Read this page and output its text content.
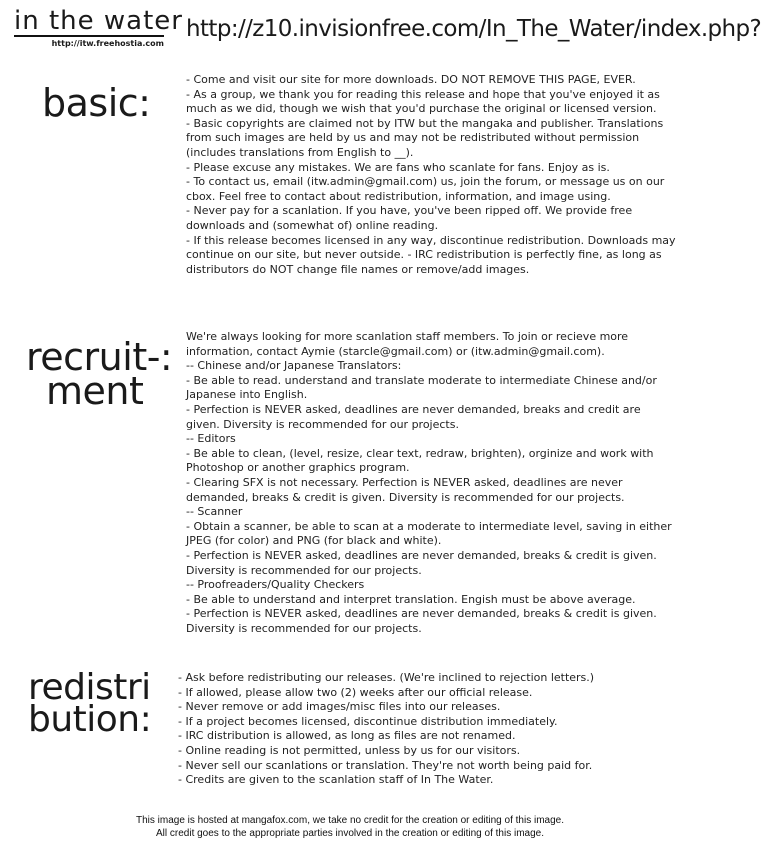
in the water
http://itw.freehostia.com
http://z10.invisionfree.com/In_The_Water/index.php?
basic:

- Come and visit our site for more downloads. DO NOT REMOVE THIS PAGE, EVER.

- As a group, we thank you for reading this release and hope that you've enjoyed it as much as we did, though we wish that you'd purchase the original or licensed version.

- Basic copyrights are claimed not by ITW but the mangaka and publisher. Translations from such images are held by us and may not be redistributed without permission (includes translations from English to __).

- Please excuse any mistakes. We are fans who scanlate for fans. Enjoy as is.

- To contact us, email (itw.admin@gmail.com) us, join the forum, or message us on our cbox. Feel free to contact about redistribution, information, and image using.

- Never pay for a scanlation. If you have, you've been ripped off. We provide free downloads and (somewhat of) online reading.

- If this release becomes licensed in any way, discontinue redistribution. Downloads may continue on our site, but never outside. - IRC redistribution is perfectly fine, as long as distributors do NOT change file names or remove/add images.

recruit-:
ment

We're always looking for more scanlation staff members. To join or recieve more information, contact Aymie (starcle@gmail.com) or (itw.admin@gmail.com).

-- Chinese and/or Japanese Translators:

- Be able to read. understand and translate moderate to intermediate Chinese and/or Japanese into English.

- Perfection is NEVER asked, deadlines are never demanded, breaks and credit are given. Diversity is recommended for our projects.

-- Editors

- Be able to clean, (level, resize, clear text, redraw, brighten), orginize and work with Photoshop or another graphics program.

- Clearing SFX is not necessary. Perfection is NEVER asked, deadlines are never demanded, breaks & credit is given. Diversity is recommended for our projects.

-- Scanner

- Obtain a scanner, be able to scan at a moderate to intermediate level, saving in either JPEG (for color) and PNG (for black and white).

- Perfection is NEVER asked, deadlines are never demanded, breaks & credit is given. Diversity is recommended for our projects.

-- Proofreaders/Quality Checkers

- Be able to understand and interpret translation. Engish must be above average.

- Perfection is NEVER asked, deadlines are never demanded, breaks & credit is given. Diversity is recommended for our projects.

redistri
bution:

- Ask before redistributing our releases. (We're inclined to rejection letters.)

- If allowed, please allow two (2) weeks after our official release.

- Never remove or add images/misc files into our releases.

- If a project becomes licensed, discontinue distribution immediately.

- IRC distribution is allowed, as long as files are not renamed.

- Online reading is not permitted, unless by us for our visitors.

- Never sell our scanlations or translation. They're not worth being paid for.

- Credits are given to the scanlation staff of In The Water.

This image is hosted at mangafox.com, we take no credit for the creation or editing of this image.

All credit goes to the appropriate parties involved in the creation or editing of this image.
